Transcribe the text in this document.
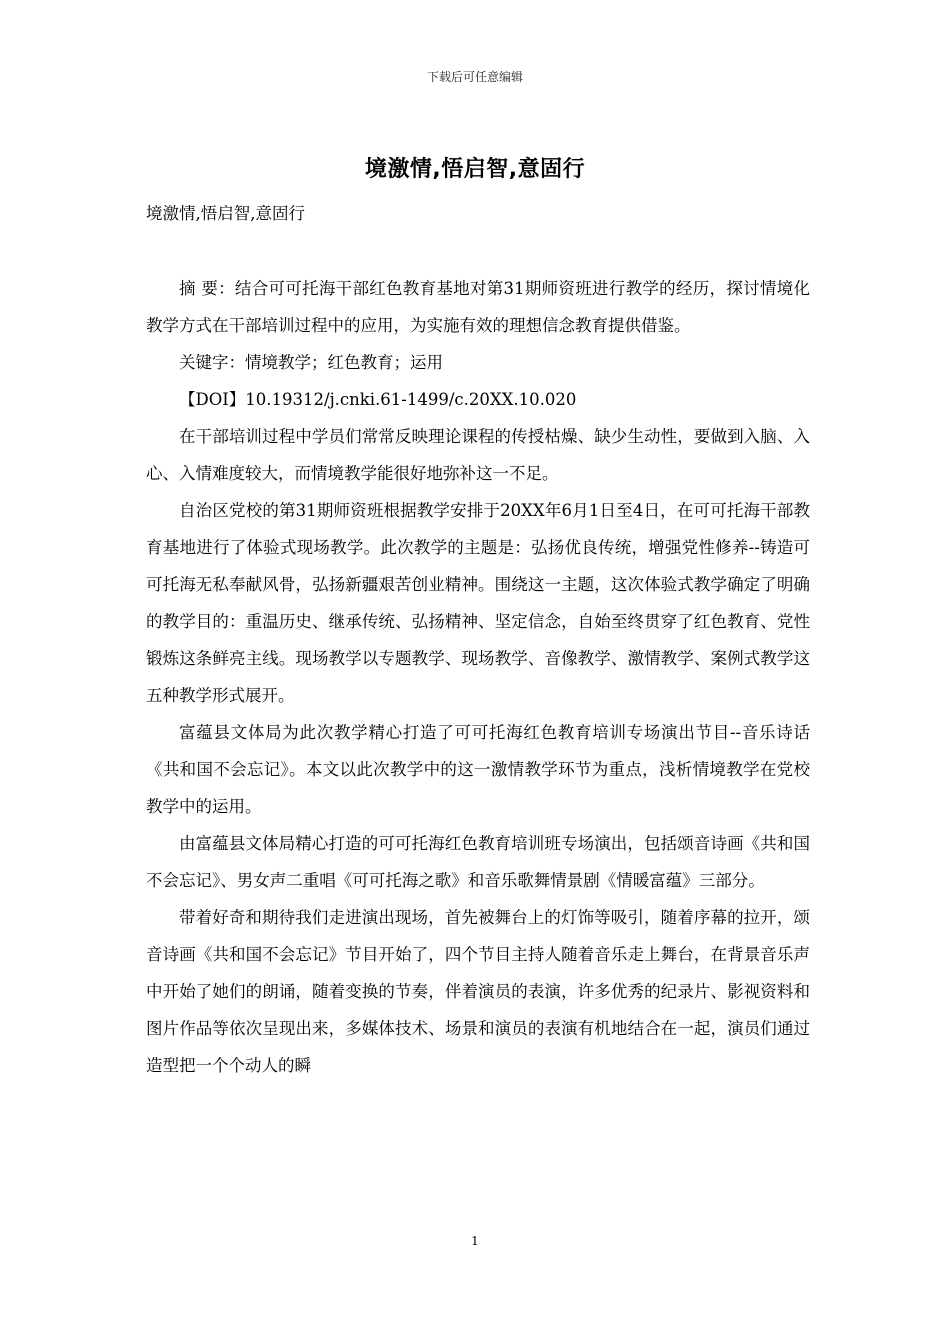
下载后可任意编辑
境激情,悟启智,意固行
境激情,悟启智,意固行

摘 要：结合可可托海干部红色教育基地对第31期师资班进行教学的经历，探讨情境化教学方式在干部培训过程中的应用，为实施有效的理想信念教育提供借鉴。

关键字：情境教学；红色教育；运用

【DOI】10.19312/j.cnki.61-1499/c.20XX.10.020

在干部培训过程中学员们常常反映理论课程的传授枯燥、缺少生动性，要做到入脑、入心、入情难度较大，而情境教学能很好地弥补这一不足。

自治区党校的第31期师资班根据教学安排于20XX年6月1日至4日，在可可托海干部教育基地进行了体验式现场教学。此次教学的主题是：弘扬优良传统，增强党性修养--铸造可可托海无私奉献风骨，弘扬新疆艰苦创业精神。围绕这一主题，这次体验式教学确定了明确的教学目的：重温历史、继承传统、弘扬精神、坚定信念，自始至终贯穿了红色教育、党性锻炼这条鲜亮主线。现场教学以专题教学、现场教学、音像教学、激情教学、案例式教学这五种教学形式展开。

富蕴县文体局为此次教学精心打造了可可托海红色教育培训专场演出节目--音乐诗话《共和国不会忘记》。本文以此次教学中的这一激情教学环节为重点，浅析情境教学在党校教学中的运用。

由富蕴县文体局精心打造的可可托海红色教育培训班专场演出，包括颂音诗画《共和国不会忘记》、男女声二重唱《可可托海之歌》和音乐歌舞情景剧《情暖富蕴》三部分。

带着好奇和期待我们走进演出现场，首先被舞台上的灯饰等吸引，随着序幕的拉开，颂音诗画《共和国不会忘记》节目开始了，四个节目主持人随着音乐走上舞台，在背景音乐声中开始了她们的朗诵，随着变换的节奏，伴着演员的表演，许多优秀的纪录片、影视资料和图片作品等依次呈现出来，多媒体技术、场景和演员的表演有机地结合在一起，演员们通过造型把一个个动人的瞬

1
